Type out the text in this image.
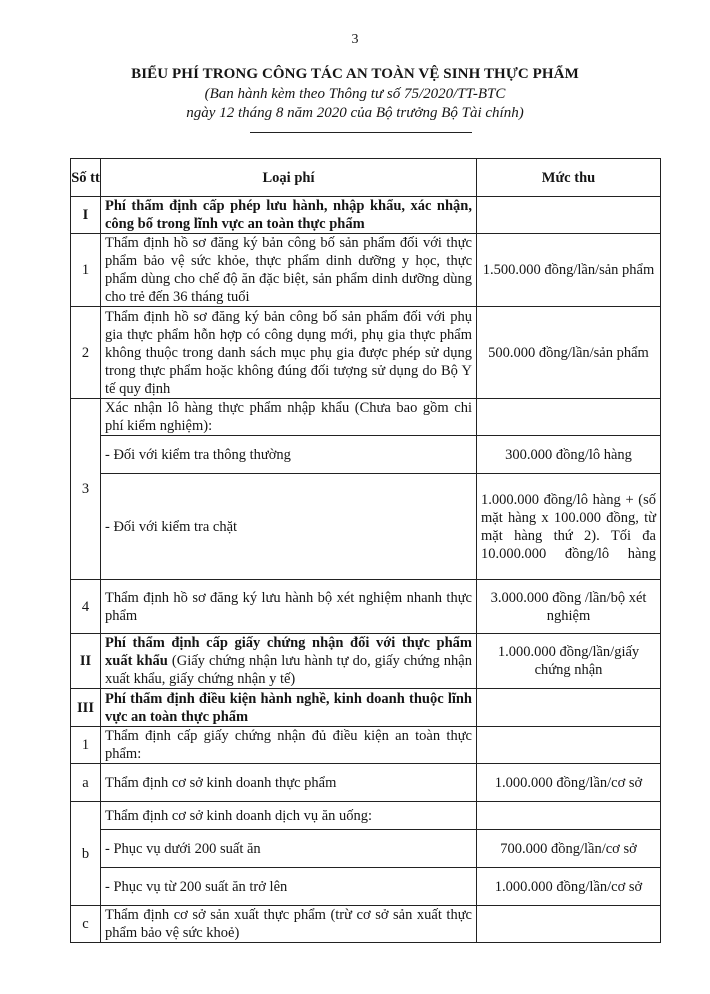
3
BIỂU PHÍ TRONG CÔNG TÁC AN TOÀN VỆ SINH THỰC PHẨM
(Ban hành kèm theo Thông tư số 75/2020/TT-BTC
ngày 12 tháng 8 năm 2020 của Bộ trưởng Bộ Tài chính)
Số tt	Loại phí	Mức thu
I	Phí thẩm định cấp phép lưu hành, nhập khẩu, xác nhận, công bố trong lĩnh vực an toàn thực phẩm	
1	Thẩm định hồ sơ đăng ký bản công bố sản phẩm đối với thực phẩm bảo vệ sức khỏe, thực phẩm dinh dưỡng y học, thực phẩm dùng cho chế độ ăn đặc biệt, sản phẩm dinh dưỡng dùng cho trẻ đến 36 tháng tuổi	1.500.000 đồng/lần/sản phẩm
2	Thẩm định hồ sơ đăng ký bản công bố sản phẩm đối với phụ gia thực phẩm hỗn hợp có công dụng mới, phụ gia thực phẩm không thuộc trong danh sách mục phụ gia được phép sử dụng trong thực phẩm hoặc không đúng đối tượng sử dụng do Bộ Y tế quy định	500.000 đồng/lần/sản phẩm
3	Xác nhận lô hàng thực phẩm nhập khẩu (Chưa bao gồm chi phí kiểm nghiệm):	
	- Đối với kiểm tra thông thường	300.000 đồng/lô hàng
	- Đối với kiểm tra chặt	1.000.000 đồng/lô hàng + (số mặt hàng x 100.000 đồng, từ mặt hàng thứ 2). Tối đa 10.000.000 đồng/lô hàng
4	Thẩm định hồ sơ đăng ký lưu hành bộ xét nghiệm nhanh thực phẩm	3.000.000 đồng /lần/bộ xét nghiệm
II	Phí thẩm định cấp giấy chứng nhận đối với thực phẩm xuất khẩu (Giấy chứng nhận lưu hành tự do, giấy chứng nhận xuất khẩu, giấy chứng nhận y tế)	1.000.000 đồng/lần/giấy chứng nhận
III	Phí thẩm định điều kiện hành nghề, kinh doanh thuộc lĩnh vực an toàn thực phẩm	
1	Thẩm định cấp giấy chứng nhận đủ điều kiện an toàn thực phẩm:	
a	Thẩm định cơ sở kinh doanh thực phẩm	1.000.000 đồng/lần/cơ sở
b	Thẩm định cơ sở kinh doanh dịch vụ ăn uống:	
	- Phục vụ dưới 200 suất ăn	700.000 đồng/lần/cơ sở
	- Phục vụ từ 200 suất ăn trở lên	1.000.000 đồng/lần/cơ sở
c	Thẩm định cơ sở sản xuất thực phẩm (trừ cơ sở sản xuất thực phẩm bảo vệ sức khoẻ)	
